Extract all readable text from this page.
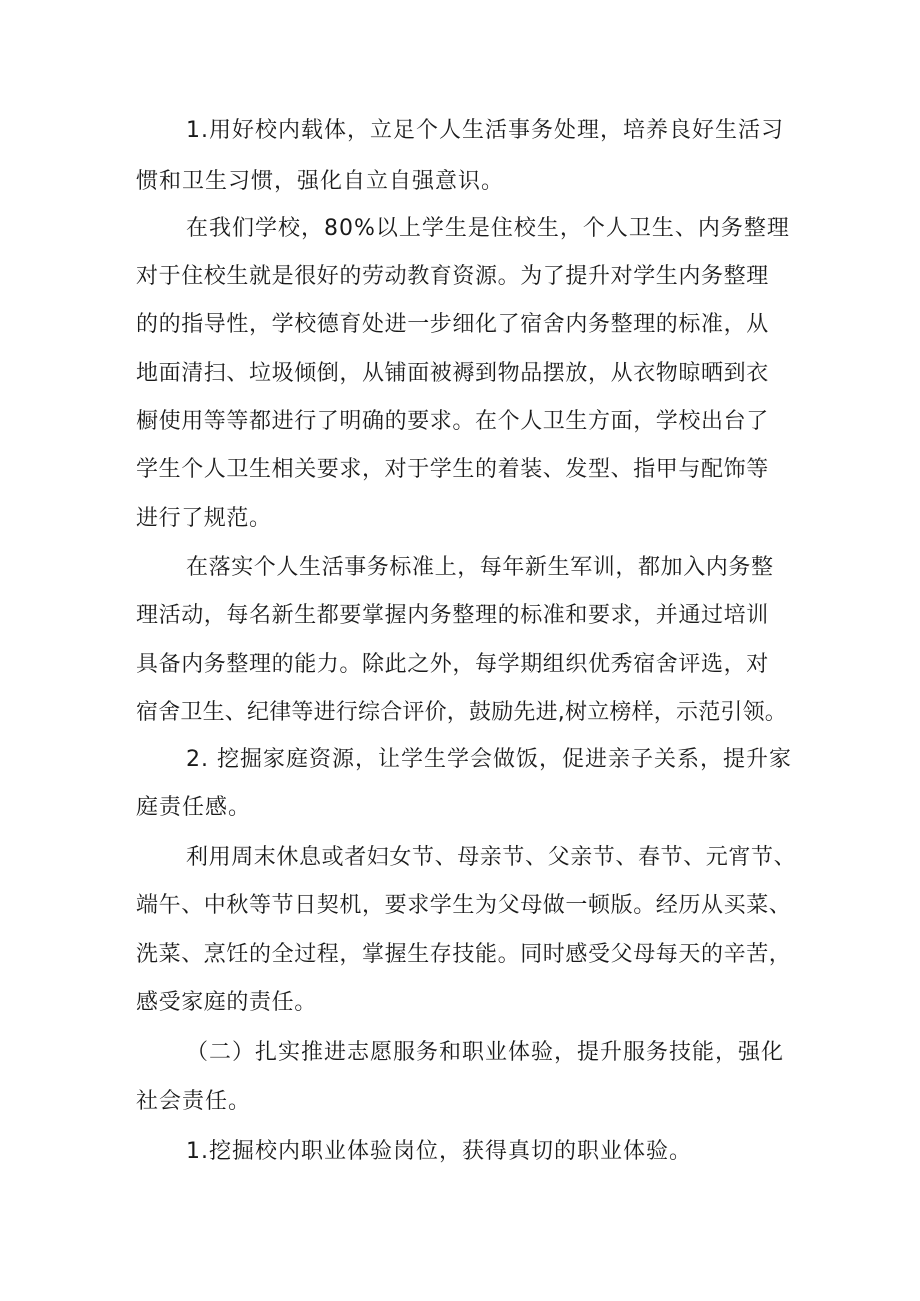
1.用好校内载体，立足个人生活事务处理，培养良好生活习
惯和卫生习惯，强化自立自强意识。
在我们学校，80%以上学生是住校生，个人卫生、内务整理
对于住校生就是很好的劳动教育资源。为了提升对学生内务整理
的的指导性，学校德育处进一步细化了宿舍内务整理的标准，从
地面清扫、垃圾倾倒，从铺面被褥到物品摆放，从衣物晾晒到衣
橱使用等等都进行了明确的要求。在个人卫生方面，学校出台了
学生个人卫生相关要求，对于学生的着装、发型、指甲与配饰等
进行了规范。
在落实个人生活事务标准上，每年新生军训，都加入内务整
理活动，每名新生都要掌握内务整理的标准和要求，并通过培训
具备内务整理的能力。除此之外，每学期组织优秀宿舍评选，对
宿舍卫生、纪律等进行综合评价，鼓励先进,树立榜样，示范引领。
2. 挖掘家庭资源，让学生学会做饭，促进亲子关系，提升家
庭责任感。
利用周末休息或者妇女节、母亲节、父亲节、春节、元宵节、
端午、中秋等节日契机，要求学生为父母做一顿版。经历从买菜、
洗菜、烹饪的全过程，掌握生存技能。同时感受父母每天的辛苦，
感受家庭的责任。
（二）扎实推进志愿服务和职业体验，提升服务技能，强化
社会责任。
1.挖掘校内职业体验岗位，获得真切的职业体验。
